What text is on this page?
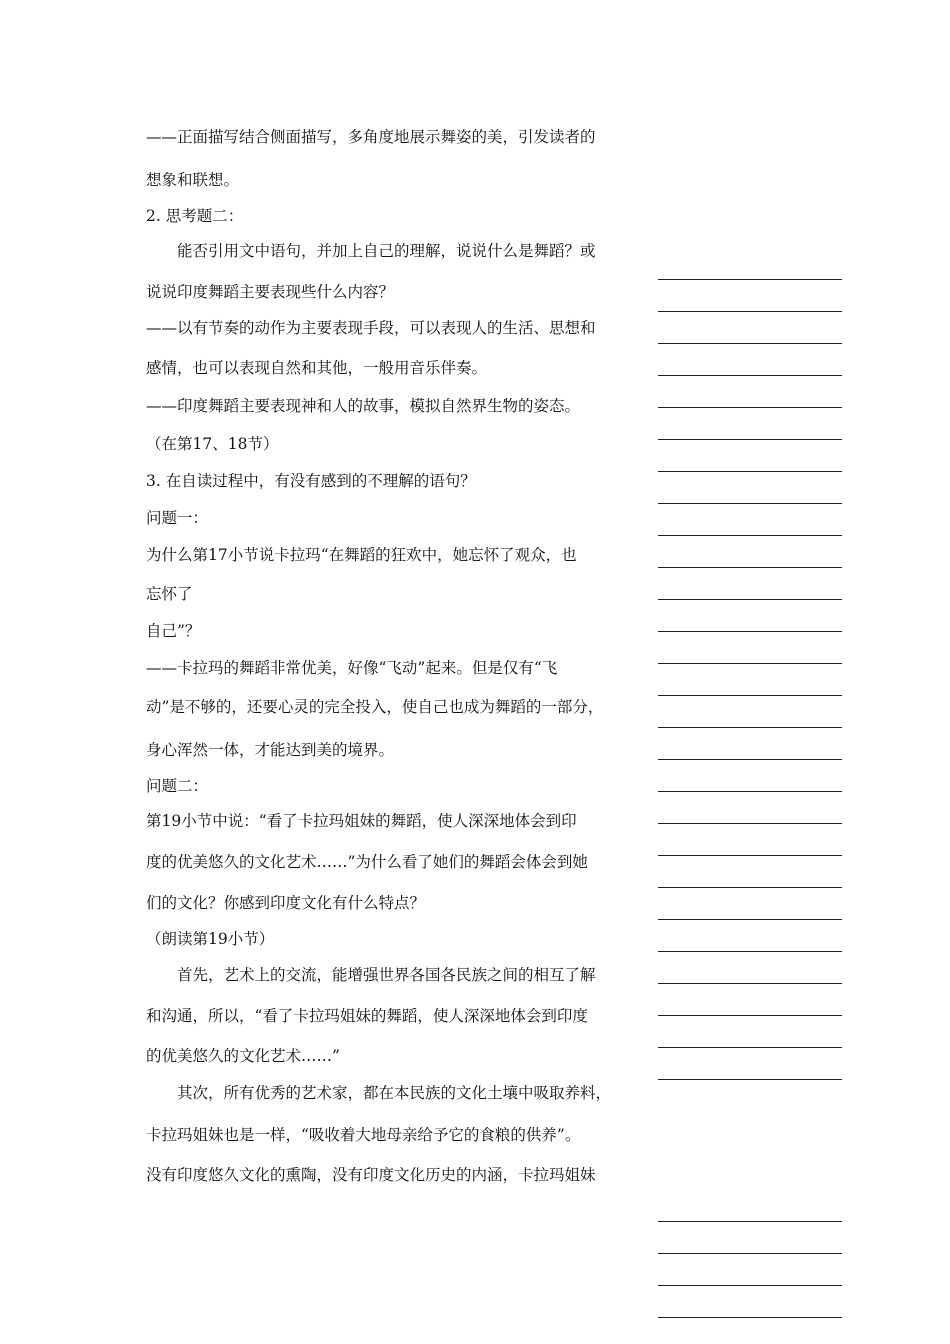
——正面描写结合侧面描写，多角度地展示舞姿的美，引发读者的
想象和联想。
2. 思考题二：
　　能否引用文中语句，并加上自己的理解，说说什么是舞蹈？或
说说印度舞蹈主要表现些什么内容？
——以有节奏的动作为主要表现手段，可以表现人的生活、思想和
感情，也可以表现自然和其他，一般用音乐伴奏。
——印度舞蹈主要表现神和人的故事，模拟自然界生物的姿态。
（在第17、18节）
3. 在自读过程中，有没有感到的不理解的语句？
问题一：
为什么第17小节说卡拉玛“在舞蹈的狂欢中，她忘怀了观众，也
忘怀了
自己”？
——卡拉玛的舞蹈非常优美，好像“飞动”起来。但是仅有“飞
动”是不够的，还要心灵的完全投入，使自己也成为舞蹈的一部分，
身心浑然一体，才能达到美的境界。
问题二：
第19小节中说：“看了卡拉玛姐妹的舞蹈，使人深深地体会到印
度的优美悠久的文化艺术……”为什么看了她们的舞蹈会体会到她
们的文化？你感到印度文化有什么特点？
（朗读第19小节）
　　首先，艺术上的交流，能增强世界各国各民族之间的相互了解
和沟通，所以，“看了卡拉玛姐妹的舞蹈，使人深深地体会到印度
的优美悠久的文化艺术……”
　　其次，所有优秀的艺术家，都在本民族的文化土壤中吸取养料，
卡拉玛姐妹也是一样，“吸收着大地母亲给予它的食粮的供养”。
没有印度悠久文化的熏陶，没有印度文化历史的内涵，卡拉玛姐妹
